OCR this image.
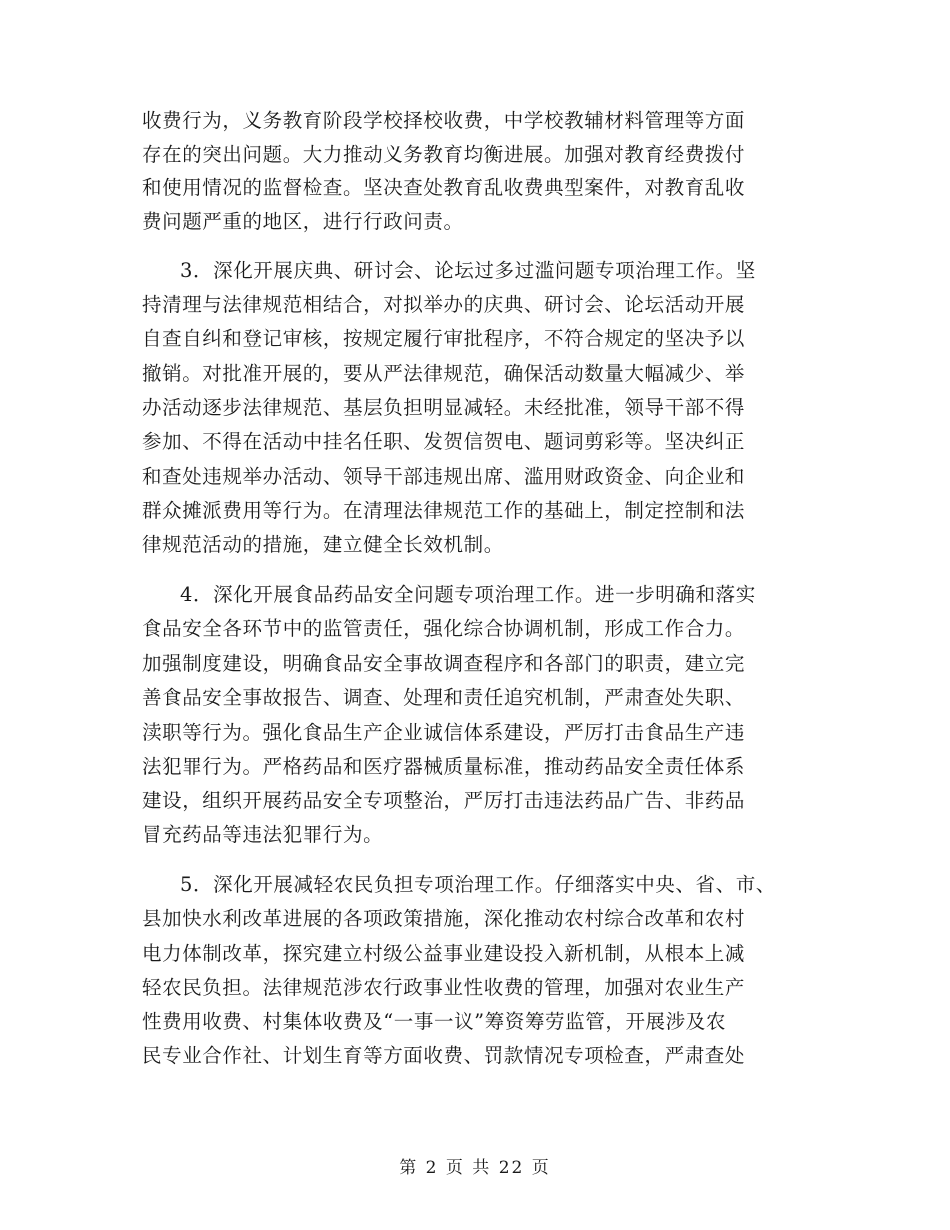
收费行为，义务教育阶段学校择校收费，中学校教辅材料管理等方面
存在的突出问题。大力推动义务教育均衡进展。加强对教育经费拨付
和使用情况的监督检查。坚决查处教育乱收费典型案件，对教育乱收
费问题严重的地区，进行行政问责。
3．深化开展庆典、研讨会、论坛过多过滥问题专项治理工作。坚
持清理与法律规范相结合，对拟举办的庆典、研讨会、论坛活动开展
自查自纠和登记审核，按规定履行审批程序，不符合规定的坚决予以
撤销。对批准开展的，要从严法律规范，确保活动数量大幅减少、举
办活动逐步法律规范、基层负担明显减轻。未经批准，领导干部不得
参加、不得在活动中挂名任职、发贺信贺电、题词剪彩等。坚决纠正
和查处违规举办活动、领导干部违规出席、滥用财政资金、向企业和
群众摊派费用等行为。在清理法律规范工作的基础上，制定控制和法
律规范活动的措施，建立健全长效机制。
4．深化开展食品药品安全问题专项治理工作。进一步明确和落实
食品安全各环节中的监管责任，强化综合协调机制，形成工作合力。
加强制度建设，明确食品安全事故调查程序和各部门的职责，建立完
善食品安全事故报告、调查、处理和责任追究机制，严肃查处失职、
渎职等行为。强化食品生产企业诚信体系建设，严厉打击食品生产违
法犯罪行为。严格药品和医疗器械质量标准，推动药品安全责任体系
建设，组织开展药品安全专项整治，严厉打击违法药品广告、非药品
冒充药品等违法犯罪行为。
5．深化开展减轻农民负担专项治理工作。仔细落实中央、省、市、
县加快水利改革进展的各项政策措施，深化推动农村综合改革和农村
电力体制改革，探究建立村级公益事业建设投入新机制，从根本上减
轻农民负担。法律规范涉农行政事业性收费的管理，加强对农业生产
性费用收费、村集体收费及“一事一议”筹资筹劳监管，开展涉及农
民专业合作社、计划生育等方面收费、罚款情况专项检查，严肃查处
第 2 页 共 22 页
